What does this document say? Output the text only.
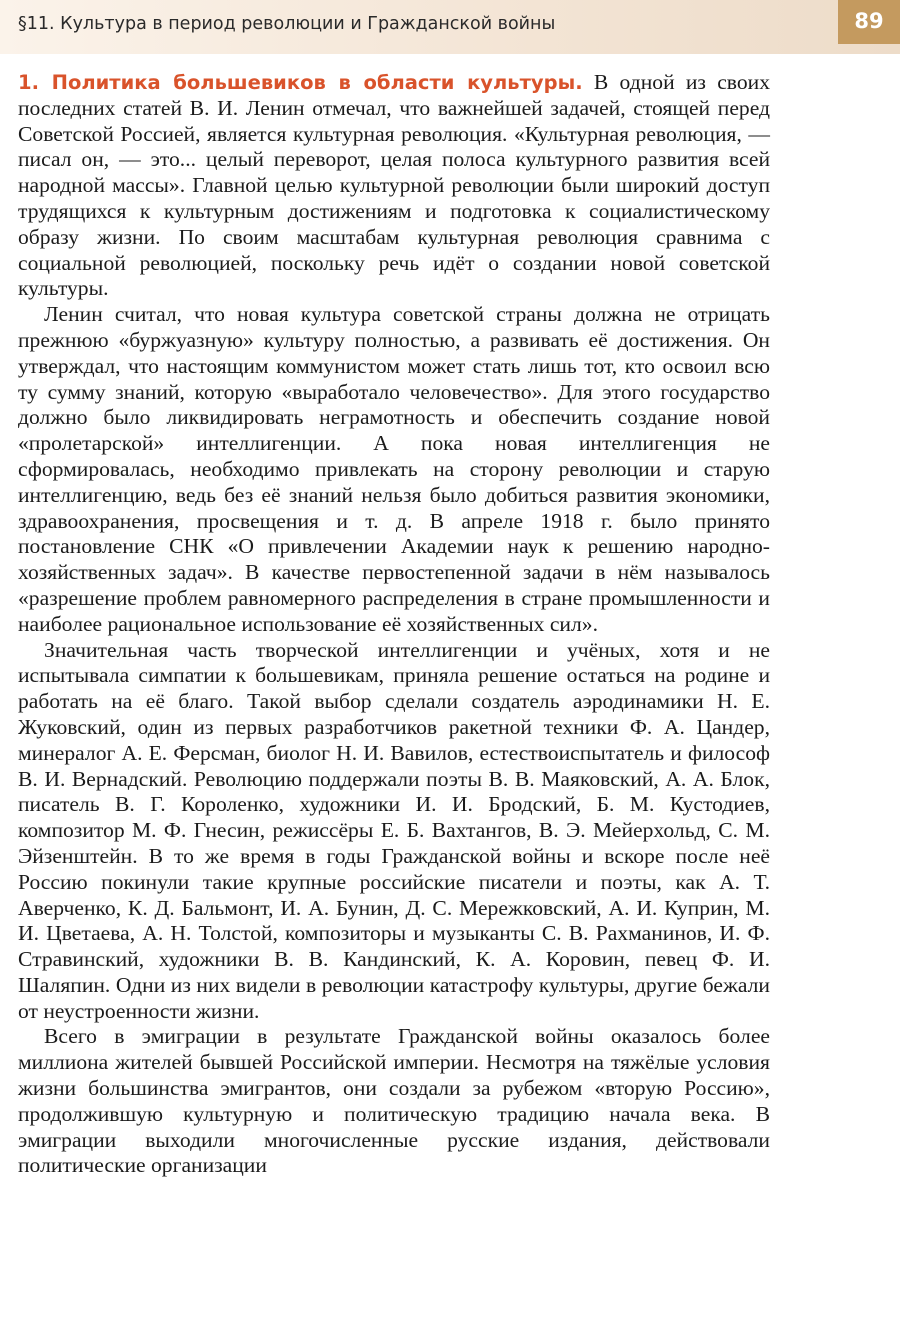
§11. Культура в период революции и Гражданской войны	89

1. Политика большевиков в области культуры. В одной из своих последних статей В. И. Ленин отмечал, что важнейшей задачей, стоящей перед Советской Россией, является культурная революция. «Культурная революция, — писал он, — это... целый переворот, целая полоса культурного развития всей народной массы». Главной целью культурной революции были широкий доступ трудящихся к культурным достижениям и подготовка к социалистическому образу жизни. По своим масштабам культурная революция сравнима с социальной революцией, поскольку речь идёт о создании новой советской культуры.

Ленин считал, что новая культура советской страны должна не отрицать прежнюю «буржуазную» культуру полностью, а развивать её достижения. Он утверждал, что настоящим коммунистом может стать лишь тот, кто освоил всю ту сумму знаний, которую «выработало человечество». Для этого государство должно было ликвидировать неграмотность и обеспечить создание новой «пролетарской» интеллигенции. А пока новая интеллигенция не сформировалась, необходимо привлекать на сторону революции и старую интеллигенцию, ведь без её знаний нельзя было добиться развития экономики, здравоохранения, просвещения и т. д. В апреле 1918 г. было принято постановление СНК «О привлечении Академии наук к решению народно-хозяйственных задач». В качестве первостепенной задачи в нём называлось «разрешение проблем равномерного распределения в стране промышленности и наиболее рациональное использование её хозяйственных сил».

Значительная часть творческой интеллигенции и учёных, хотя и не испытывала симпатии к большевикам, приняла решение остаться на родине и работать на её благо. Такой выбор сделали создатель аэродинамики Н. Е. Жуковский, один из первых разработчиков ракетной техники Ф. А. Цандер, минералог А. Е. Ферсман, биолог Н. И. Вавилов, естествоиспытатель и философ В. И. Вернадский. Революцию поддержали поэты В. В. Маяковский, А. А. Блок, писатель В. Г. Короленко, художники И. И. Бродский, Б. М. Кустодиев, композитор М. Ф. Гнесин, режиссёры Е. Б. Вахтангов, В. Э. Мейерхольд, С. М. Эйзенштейн. В то же время в годы Гражданской войны и вскоре после неё Россию покинули такие крупные российские писатели и поэты, как А. Т. Аверченко, К. Д. Бальмонт, И. А. Бунин, Д. С. Мережковский, А. И. Куприн, М. И. Цветаева, А. Н. Толстой, композиторы и музыканты С. В. Рахманинов, И. Ф. Стравинский, художники В. В. Кандинский, К. А. Коровин, певец Ф. И. Шаляпин. Одни из них видели в революции катастрофу культуры, другие бежали от неустроенности жизни.

Всего в эмиграции в результате Гражданской войны оказалось более миллиона жителей бывшей Российской империи. Несмотря на тяжёлые условия жизни большинства эмигрантов, они создали за рубежом «вторую Россию», продолжившую культурную и политическую традицию начала века. В эмиграции выходили многочисленные русские издания, действовали политические организации
